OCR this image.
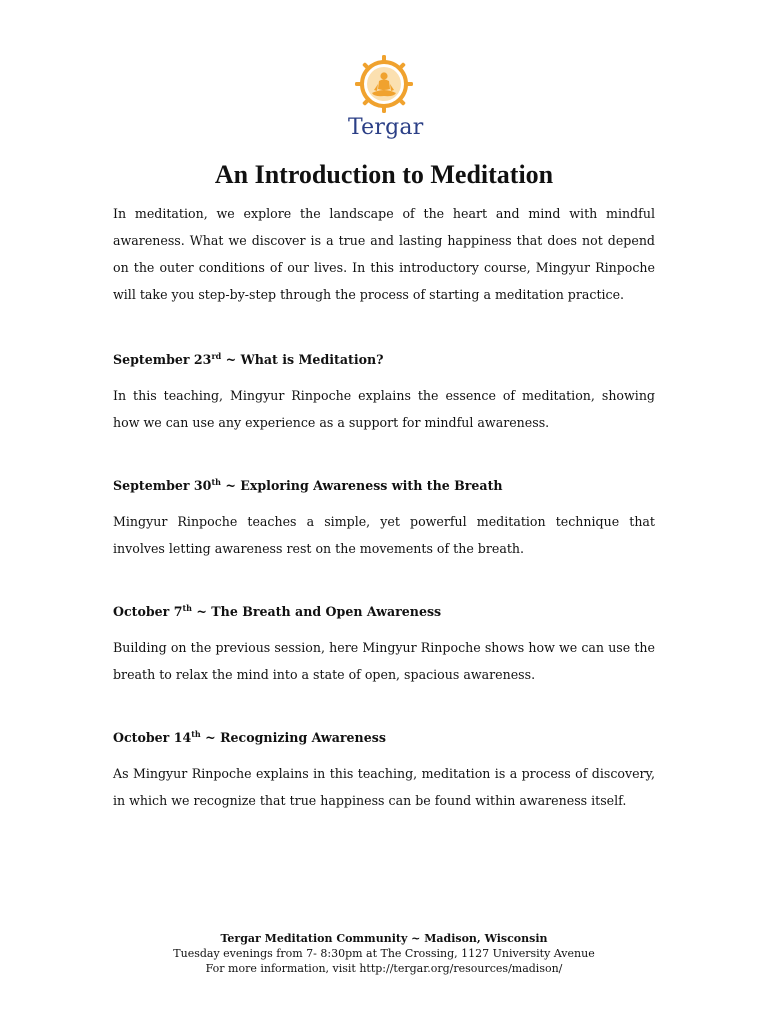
Tergar
An Introduction to Meditation

In meditation, we explore the landscape of the heart and mind with mindful awareness. What we discover is a true and lasting happiness that does not depend on the outer conditions of our lives. In this introductory course, Mingyur Rinpoche will take you step-by-step through the process of starting a meditation practice.

September 23rd ~ What is Meditation?

In this teaching, Mingyur Rinpoche explains the essence of meditation, showing how we can use any experience as a support for mindful awareness.

September 30th ~ Exploring Awareness with the Breath

Mingyur Rinpoche teaches a simple, yet powerful meditation technique that involves letting awareness rest on the movements of the breath.

October 7th ~ The Breath and Open Awareness

Building on the previous session, here Mingyur Rinpoche shows how we can use the breath to relax the mind into a state of open, spacious awareness.

October 14th ~ Recognizing Awareness

As Mingyur Rinpoche explains in this teaching, meditation is a process of discovery, in which we recognize that true happiness can be found within awareness itself.

Tergar Meditation Community ~ Madison, Wisconsin
Tuesday evenings from 7- 8:30pm at The Crossing, 1127 University Avenue
For more information, visit http://tergar.org/resources/madison/
